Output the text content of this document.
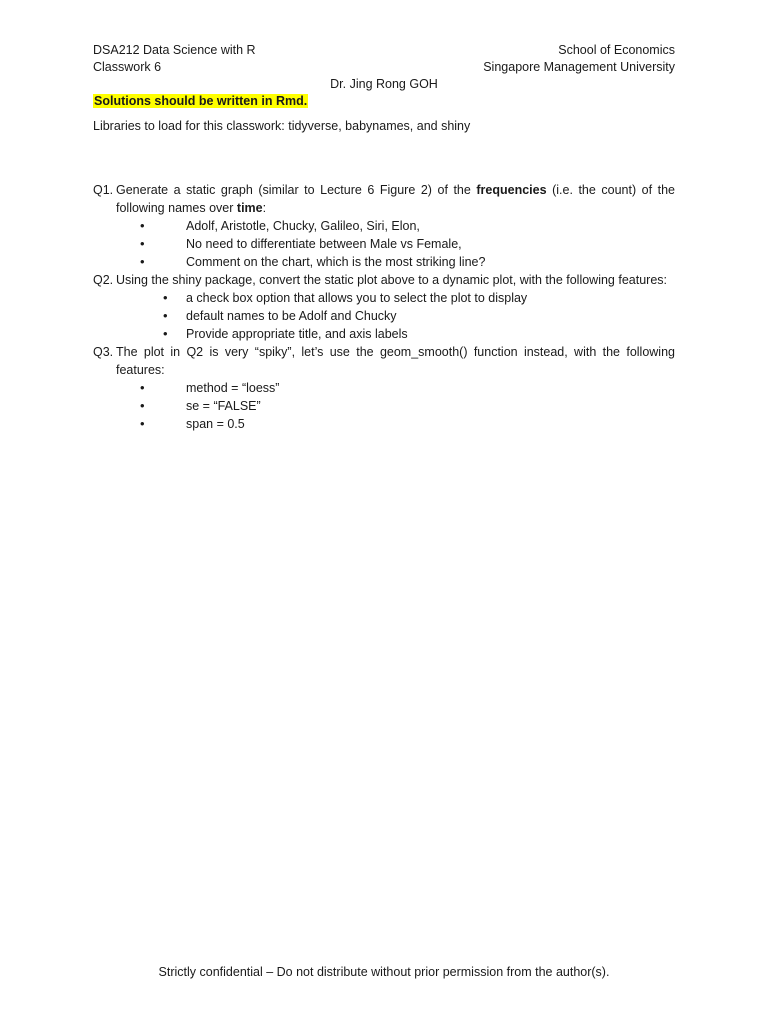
DSA212 Data Science with R	School of Economics
Classwork 6	Singapore Management University
Dr. Jing Rong GOH
Solutions should be written in Rmd.
Libraries to load for this classwork: tidyverse, babynames, and shiny
Q1. Generate a static graph (similar to Lecture 6 Figure 2) of the frequencies (i.e. the count) of the following names over time:
•	Adolf, Aristotle, Chucky, Galileo, Siri, Elon,
•	No need to differentiate between Male vs Female,
•	Comment on the chart, which is the most striking line?
Q2. Using the shiny package, convert the static plot above to a dynamic plot, with the following features:
• a check box option that allows you to select the plot to display
• default names to be Adolf and Chucky
• Provide appropriate title, and axis labels
Q3. The plot in Q2 is very “spiky”, let’s use the geom_smooth() function instead, with the following features:
•	method = “loess”
•	se = “FALSE”
•	span = 0.5
Strictly confidential – Do not distribute without prior permission from the author(s).
